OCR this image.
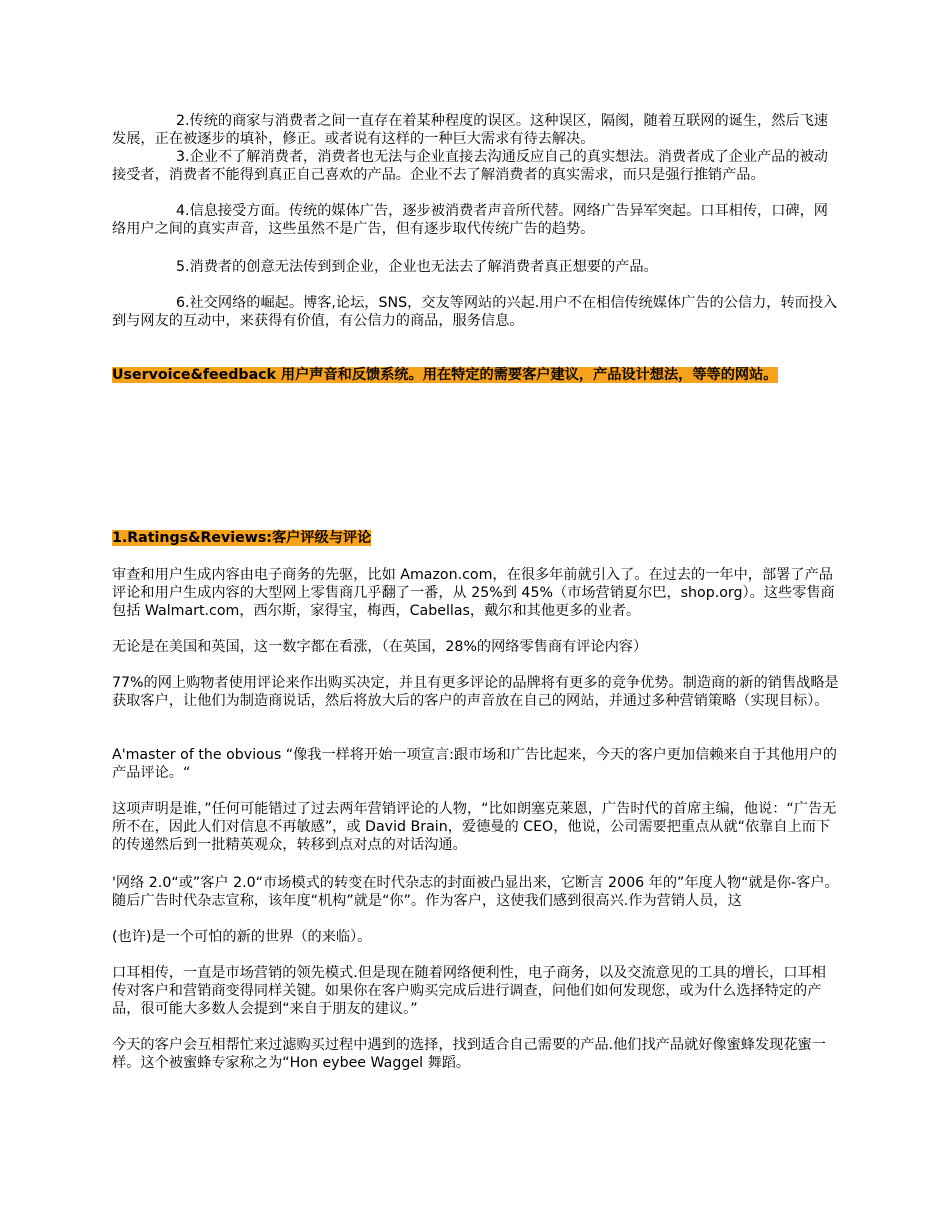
2.传统的商家与消费者之间一直存在着某种程度的误区。这种误区，隔阂，随着互联网的诞生，然后飞速发展，正在被逐步的填补，修正。或者说有这样的一种巨大需求有待去解决。

3.企业不了解消费者，消费者也无法与企业直接去沟通反应自己的真实想法。消费者成了企业产品的被动接受者，消费者不能得到真正自己喜欢的产品。企业不去了解消费者的真实需求，而只是强行推销产品。

4.信息接受方面。传统的媒体广告，逐步被消费者声音所代替。网络广告异军突起。口耳相传，口碑，网络用户之间的真实声音，这些虽然不是广告，但有逐步取代传统广告的趋势。

5.消费者的创意无法传到到企业，企业也无法去了解消费者真正想要的产品。

6.社交网络的崛起。博客,论坛，SNS，交友等网站的兴起.用户不在相信传统媒体广告的公信力，转而投入到与网友的互动中，来获得有价值，有公信力的商品，服务信息。

Uservoice&feedback 用户声音和反馈系统。用在特定的需要客户建议，产品设计想法，等等的网站。

1.Ratings&Reviews:客户评级与评论

审查和用户生成内容由电子商务的先驱，比如 Amazon.com，在很多年前就引入了。在过去的一年中，部署了产品评论和用户生成内容的大型网上零售商几乎翻了一番，从 25%到 45%（市场营销夏尔巴，shop.org）。这些零售商包括 Walmart.com，西尔斯，家得宝，梅西，Cabellas，戴尔和其他更多的业者。

无论是在美国和英国，这一数字都在看涨，（在英国，28%的网络零售商有评论内容）

77%的网上购物者使用评论来作出购买决定，并且有更多评论的品牌将有更多的竞争优势。制造商的新的销售战略是获取客户，让他们为制造商说话，然后将放大后的客户的声音放在自己的网站，并通过多种营销策略（实现目标）。

A'master of the obvious “像我一样将开始一项宣言:跟市场和广告比起来，今天的客户更加信赖来自于其他用户的产品评论。“

这项声明是谁，”任何可能错过了过去两年营销评论的人物，“比如朗塞克莱恩，广告时代的首席主编，他说：“广告无所不在，因此人们对信息不再敏感”，或 David Brain，爱德曼的 CEO，他说，公司需要把重点从就“依靠自上而下的传递然后到一批精英观众，转移到点对点的对话沟通。

'网络 2.0“或”客户 2.0“市场模式的转变在时代杂志的封面被凸显出来，它断言 2006 年的”年度人物“就是你-客户。随后广告时代杂志宣称，该年度“机构”就是“你”。作为客户，这使我们感到很高兴.作为营销人员，这

(也许)是一个可怕的新的世界（的来临）。

口耳相传，一直是市场营销的领先模式.但是现在随着网络便利性，电子商务，以及交流意见的工具的增长，口耳相传对客户和营销商变得同样关键。如果你在客户购买完成后进行调查，问他们如何发现您，或为什么选择特定的产品，很可能大多数人会提到“来自于朋友的建议。”

今天的客户会互相帮忙来过滤购买过程中遇到的选择，找到适合自己需要的产品.他们找产品就好像蜜蜂发现花蜜一样。这个被蜜蜂专家称之为“Hon eybee Waggel 舞蹈。
